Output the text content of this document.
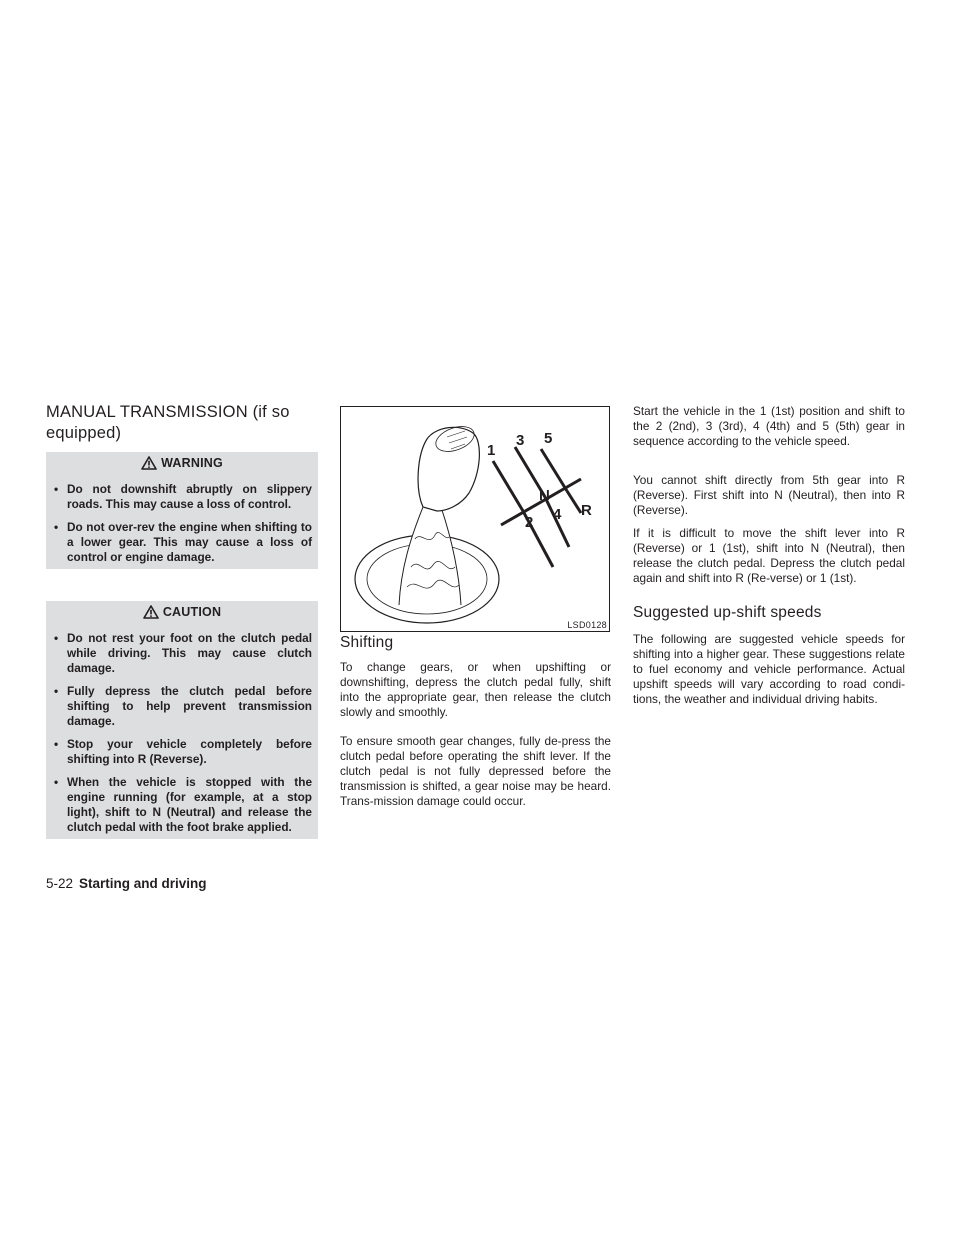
MANUAL TRANSMISSION (if so equipped)
WARNING
• Do not downshift abruptly on slippery roads. This may cause a loss of control.
• Do not over-rev the engine when shifting to a lower gear. This may cause a loss of control or engine damage.
CAUTION
• Do not rest your foot on the clutch pedal while driving. This may cause clutch damage.
• Fully depress the clutch pedal before shifting to help prevent transmission damage.
• Stop your vehicle completely before shifting into R (Reverse).
• When the vehicle is stopped with the engine running (for example, at a stop light), shift to N (Neutral) and release the clutch pedal with the foot brake applied.
1
3 5
N
2 4 R
LSD0128
Shifting

To change gears, or when upshifting or downshifting, depress the clutch pedal fully, shift into the appropriate gear, then release the clutch slowly and smoothly.

To ensure smooth gear changes, fully de-press the clutch pedal before operating the shift lever. If the clutch pedal is not fully depressed before the transmission is shifted, a gear noise may be heard. Trans-mission damage could occur.

Start the vehicle in the 1 (1st) position and shift to the 2 (2nd), 3 (3rd), 4 (4th) and 5 (5th) gear in sequence according to the vehicle speed.

You cannot shift directly from 5th gear into R (Reverse). First shift into N (Neutral), then into R (Reverse).

If it is difficult to move the shift lever into R (Reverse) or 1 (1st), shift into N (Neutral), then release the clutch pedal. Depress the clutch pedal again and shift into R (Re-verse) or 1 (1st).

Suggested up-shift speeds

The following are suggested vehicle speeds for shifting into a higher gear. These suggestions relate to fuel economy and vehicle performance. Actual upshift speeds will vary according to road condi-tions, the weather and individual driving habits.

5-22 Starting and driving
